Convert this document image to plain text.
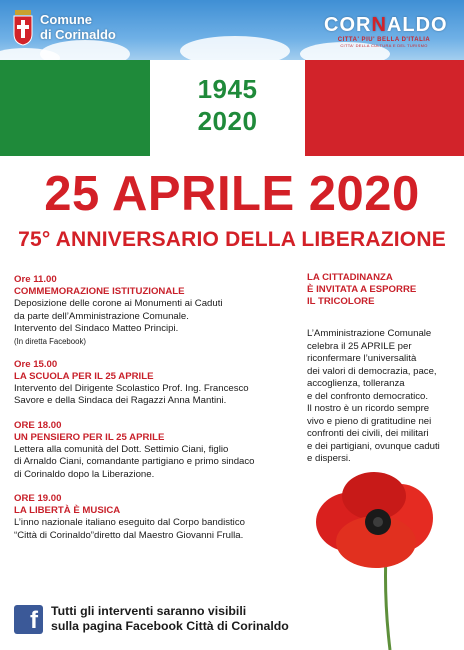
1945
2020
Comune
di Corinaldo	CORNALDO
CITTA' PIU' BELLA D'ITALIA
CITTA' DELLA CULTURA E DEL TURISMO
25 APRILE 2020
75° ANNIVERSARIO DELLA LIBERAZIONE
Ore 11.00
COMMEMORAZIONE ISTITUZIONALE
Deposizione delle corone ai Monumenti ai Caduti
da parte dell’Amministrazione Comunale.
Intervento del Sindaco Matteo Principi.
(In diretta Facebook)
Ore 15.00
LA SCUOLA PER IL 25 APRILE
Intervento del Dirigente Scolastico Prof. Ing. Francesco
Savore e della Sindaca dei Ragazzi Anna Mantini.
ORE 18.00
UN PENSIERO PER IL 25 APRILE
Lettera alla comunità del Dott. Settimio Ciani, figlio
di Arnaldo Ciani, comandante partigiano e primo sindaco
di Corinaldo dopo la Liberazione.
ORE 19.00
LA LIBERTÀ È MUSICA
L’inno nazionale italiano eseguito dal Corpo bandistico
“Città di Corinaldo”diretto dal Maestro Giovanni Frulla.
LA CITTADINANZA
È INVITATA A ESPORRE
IL TRICOLORE
L’Amministrazione Comunale
celebra il 25 APRILE per
riconfermare l’universalità
dei valori di democrazia, pace,
accoglienza, tolleranza
e del confronto democratico.
Il nostro è un ricordo sempre
vivo e pieno di gratitudine nei
confronti dei civili, dei militari
e dei partigiani, ovunque caduti
e dispersi.
f	Tutti gli interventi saranno visibili
sulla pagina Facebook Città di Corinaldo
